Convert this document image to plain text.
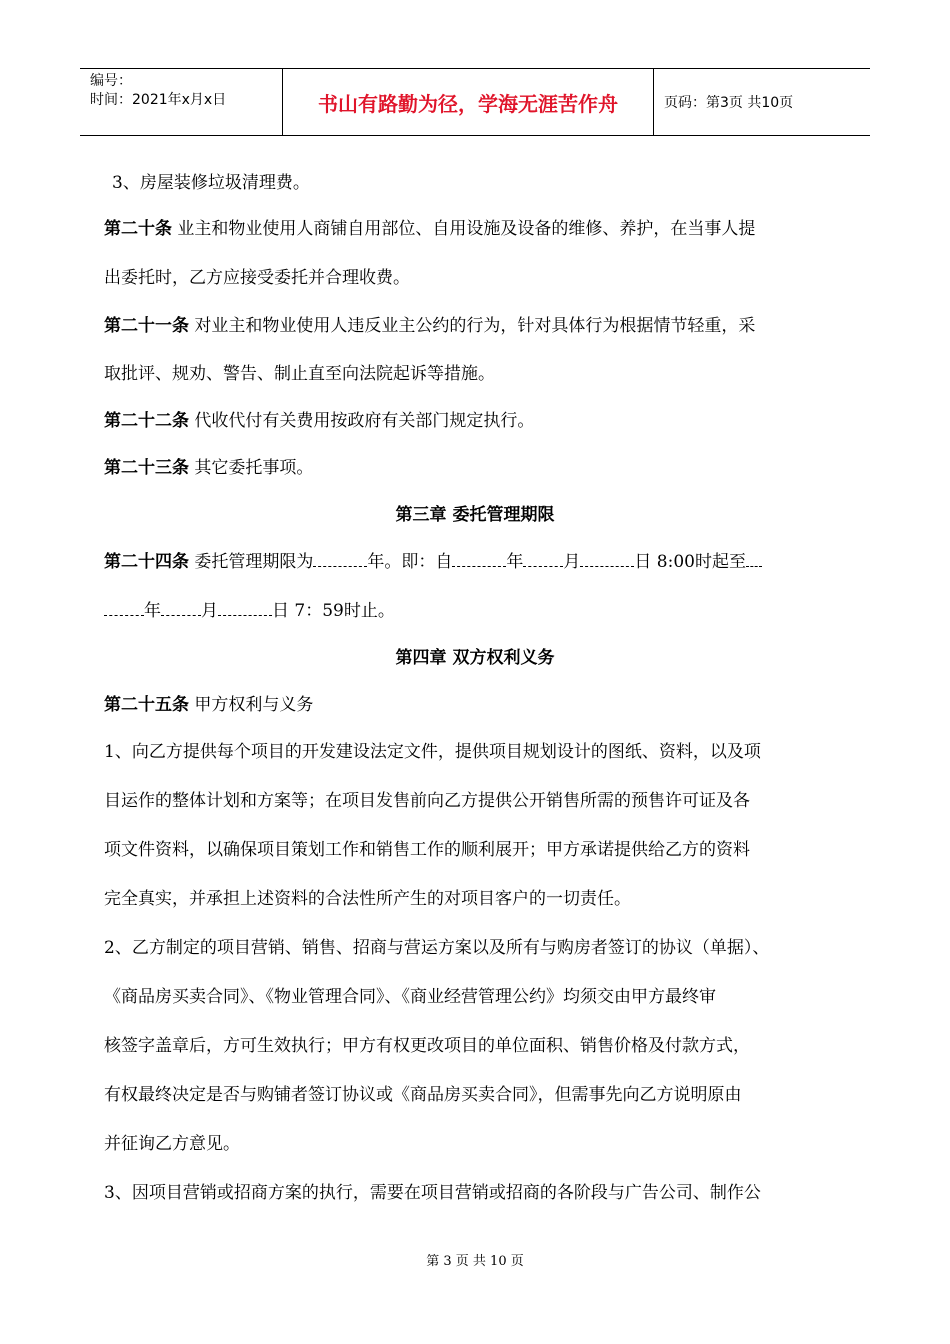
编号：
时间：2021年x月x日	书山有路勤为径，学海无涯苦作舟	页码：第3页 共10页
3、房屋装修垃圾清理费。
第二十条 业主和物业使用人商铺自用部位、自用设施及设备的维修、养护，在当事人提
出委托时，乙方应接受委托并合理收费。
第二十一条 对业主和物业使用人违反业主公约的行为，针对具体行为根据情节轻重，采
取批评、规劝、警告、制止直至向法院起诉等措施。
第二十二条 代收代付有关费用按政府有关部门规定执行。
第二十三条 其它委托事项。
第三章 委托管理期限
第二十四条 委托管理期限为	年。即：自	年 月	日 8:00时起至
年 月	日 7：59时止。
第四章 双方权利义务
第二十五条 甲方权利与义务
1、向乙方提供每个项目的开发建设法定文件，提供项目规划设计的图纸、资料，以及项
目运作的整体计划和方案等；在项目发售前向乙方提供公开销售所需的预售许可证及各
项文件资料，以确保项目策划工作和销售工作的顺利展开；甲方承诺提供给乙方的资料
完全真实，并承担上述资料的合法性所产生的对项目客户的一切责任。
2、乙方制定的项目营销、销售、招商与营运方案以及所有与购房者签订的协议（单据）、
《商品房买卖合同》、《物业管理合同》、《商业经营管理公约》均须交由甲方最终审
核签字盖章后，方可生效执行；甲方有权更改项目的单位面积、销售价格及付款方式，
有权最终决定是否与购铺者签订协议或《商品房买卖合同》，但需事先向乙方说明原由
并征询乙方意见。
3、因项目营销或招商方案的执行，需要在项目营销或招商的各阶段与广告公司、制作公
第 3 页 共 10 页
